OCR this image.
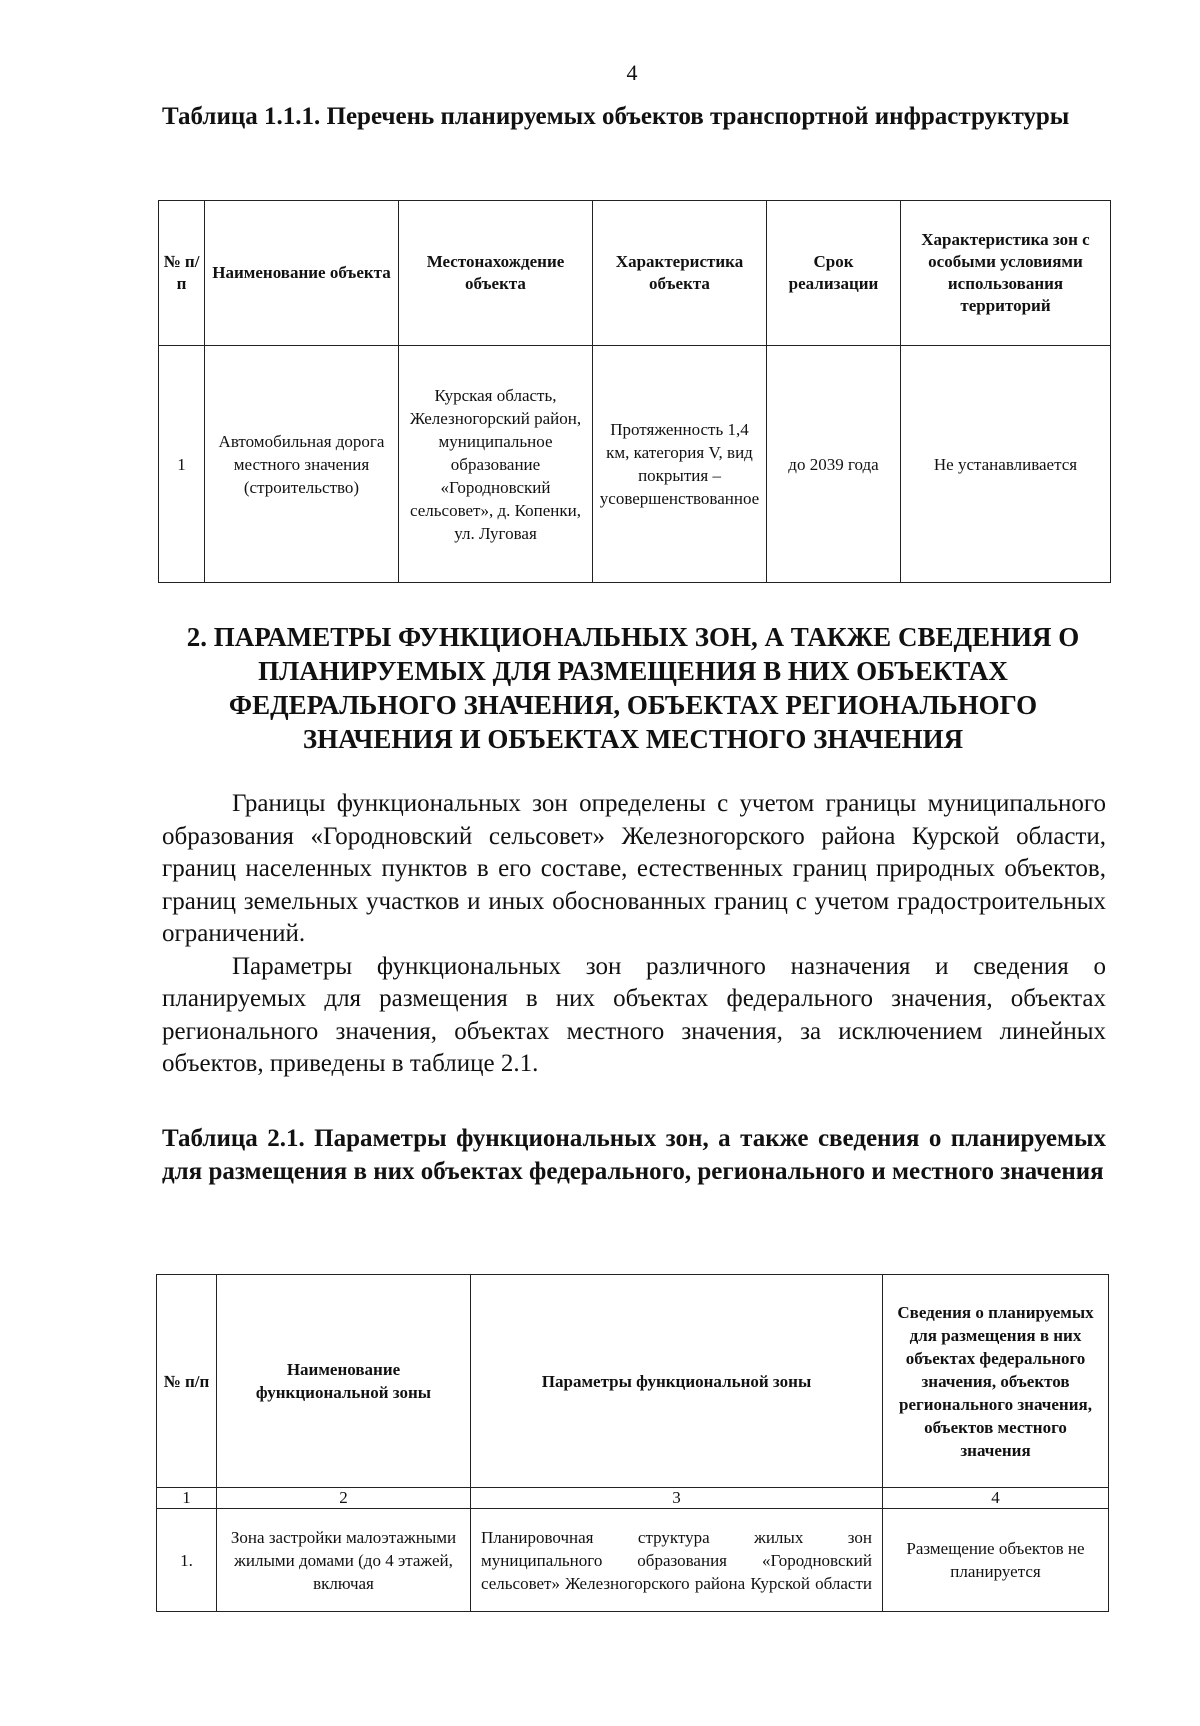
4
Таблица 1.1.1. Перечень планируемых объектов транспортной инфраструктуры
№ п/п	Наименование объекта	Местонахождение объекта	Характеристика объекта	Срок реализации	Характеристика зон с особыми условиями использования территорий
1	Автомобильная дорога местного значения (строительство)	Курская область, Железногорский район, муниципальное образование «Городновский сельсовет», д. Копенки, ул. Луговая	Протяженность 1,4 км, категория V, вид покрытия – усовершенствованное	до 2039 года	Не устанавливается
2. ПАРАМЕТРЫ ФУНКЦИОНАЛЬНЫХ ЗОН, А ТАКЖЕ СВЕДЕНИЯ О ПЛАНИРУЕМЫХ ДЛЯ РАЗМЕЩЕНИЯ В НИХ ОБЪЕКТАХ ФЕДЕРАЛЬНОГО ЗНАЧЕНИЯ, ОБЪЕКТАХ РЕГИОНАЛЬНОГО ЗНАЧЕНИЯ И ОБЪЕКТАХ МЕСТНОГО ЗНАЧЕНИЯ

Границы функциональных зон определены с учетом границы муниципального образования «Городновский сельсовет» Железногорского района Курской области, границ населенных пунктов в его составе, естественных границ природных объектов, границ земельных участков и иных обоснованных границ с учетом градостроительных ограничений.

Параметры функциональных зон различного назначения и сведения о планируемых для размещения в них объектах федерального значения, объектах регионального значения, объектах местного значения, за исключением линейных объектов, приведены в таблице 2.1.

Таблица 2.1. Параметры функциональных зон, а также сведения о планируемых для размещения в них объектах федерального, регионального и местного значения
№ п/п	Наименование функциональной зоны	Параметры функциональной зоны	Сведения о планируемых для размещения в них объектах федерального значения, объектов регионального значения, объектов местного значения
1	2	3	4
1.	Зона застройки малоэтажными жилыми домами (до 4 этажей, включая	Планировочная структура жилых зон муниципального образования «Городновский сельсовет» Железногорского района Курской области	Размещение объектов не планируется
